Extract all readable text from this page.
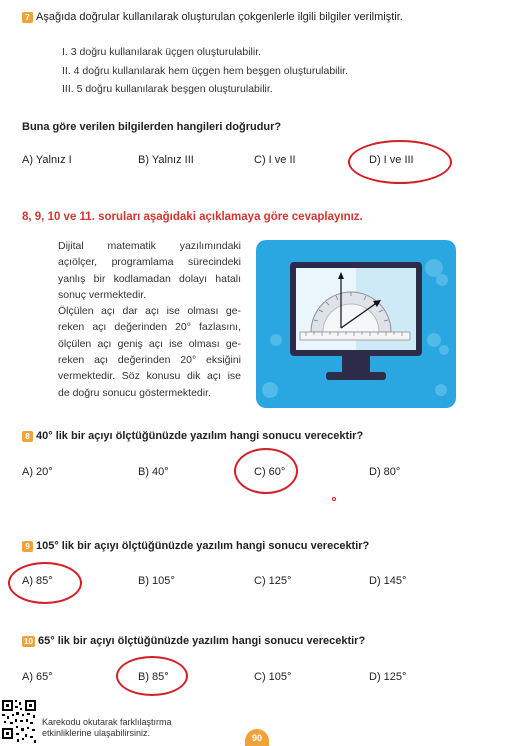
7 Aşağıda doğrular kullanılarak oluşturulan çokgenlerle ilgili bilgiler verilmiştir.
I. 3 doğru kullanılarak üçgen oluşturulabilir.
II. 4 doğru kullanılarak hem üçgen hem beşgen oluşturulabilir.
III. 5 doğru kullanılarak beşgen oluşturulabilir.
Buna göre verilen bilgilerden hangileri doğrudur?
A) Yalnız I	B) Yalnız III	C) I ve II	D) I ve III
8, 9, 10 ve 11. soruları aşağıdaki açıklamaya göre cevaplayınız.
Dijital matematik yazılımındaki
açıölçer, programlama sürecindeki
yanlış bir kodlamadan dolayı hatalı
sonuç vermektedir.
Ölçülen açı dar açı ise olması ge-
reken açı değerinden 20° fazlasını,
ölçülen açı geniş açı ise olması ge-
reken açı değerinden 20° eksiğini
vermektedir. Söz konusu dik açı ise
de doğru sonucu göstermektedir.
8 40° lik bir açıyı ölçtüğünüzde yazılım hangi sonucu verecektir?
A) 20°	B) 40°	C) 60°	D) 80°
9 105° lik bir açıyı ölçtüğünüzde yazılım hangi sonucu verecektir?
A) 85°	B) 105°	C) 125°	D) 145°
10 65° lik bir açıyı ölçtüğünüzde yazılım hangi sonucu verecektir?
A) 65°	B) 85°	C) 105°	D) 125°
Karekodu okutarak farklılaştırma
etkinliklerine ulaşabilirsiniz.	90
